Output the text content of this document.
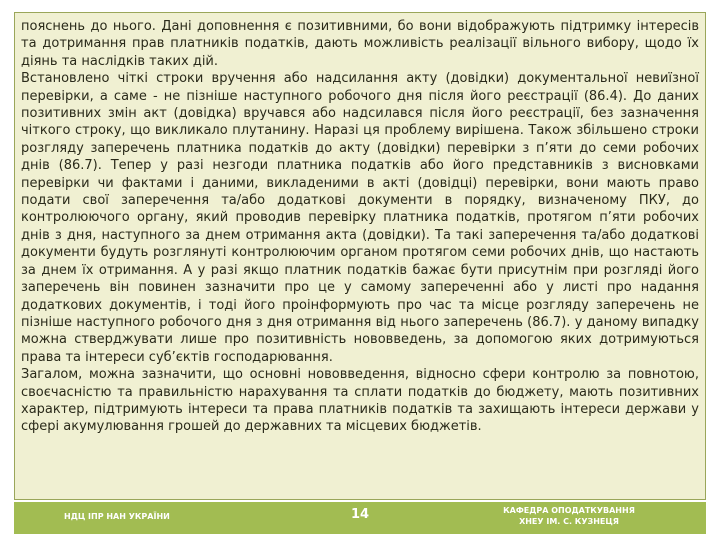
пояснень до нього. Дані доповнення є позитивними, бо вони відображують підтримку інтересів та дотримання прав платників податків, дають можливість реалізації вільного вибору, щодо їх діянь та наслідків таких дій.

Встановлено чіткі строки вручення або надсилання акту (довідки) документальної невиїзної перевірки, а саме - не пізніше наступного робочого дня після його реєстрації (86.4). До даних позитивних змін акт (довідка) вручався або надсилався після його реєстрації, без зазначення чіткого строку, що викликало плутанину. Наразі ця проблему вирішена. Також збільшено строки розгляду заперечень платника податків до акту (довідки) перевірки з п’яти до семи робочих днів (86.7). Тепер у разі незгоди платника податків або його представників з висновками перевірки чи фактами і даними, викладеними в акті (довідці) перевірки, вони мають право подати свої заперечення та/або додаткові документи в порядку, визначеному ПКУ, до контролюючого органу, який проводив перевірку платника податків, протягом п’яти робочих днів з дня, наступного за днем отримання акта (довідки). Та такі заперечення та/або додаткові документи будуть розглянуті контролюючим органом протягом семи робочих днів, що настають за днем їх отримання. А у разі якщо платник податків бажає бути присутнім при розгляді його заперечень він повинен зазначити про це у самому запереченні або у листі про надання додаткових документів, і тоді його проінформують про час та місце розгляду заперечень не пізніше наступного робочого дня з дня отримання від нього заперечень (86.7). у даному випадку можна стверджувати лише про позитивність нововведень, за допомогою яких дотримуються права та інтереси суб’єктів господарювання.

Загалом, можна зазначити, що основні нововведення, відносно сфери контролю за повнотою, своєчасністю та правильністю нарахування та сплати податків до бюджету, мають позитивних характер, підтримують інтереси та права платників податків та захищають інтереси держави у сфері акумулювання грошей до державних та місцевих бюджетів.

НДЦ ІПР НАН УКРАЇНИ	14	КАФЕДРА ОПОДАТКУВАННЯ
ХНЕУ ІМ. С. КУЗНЕЦЯ
